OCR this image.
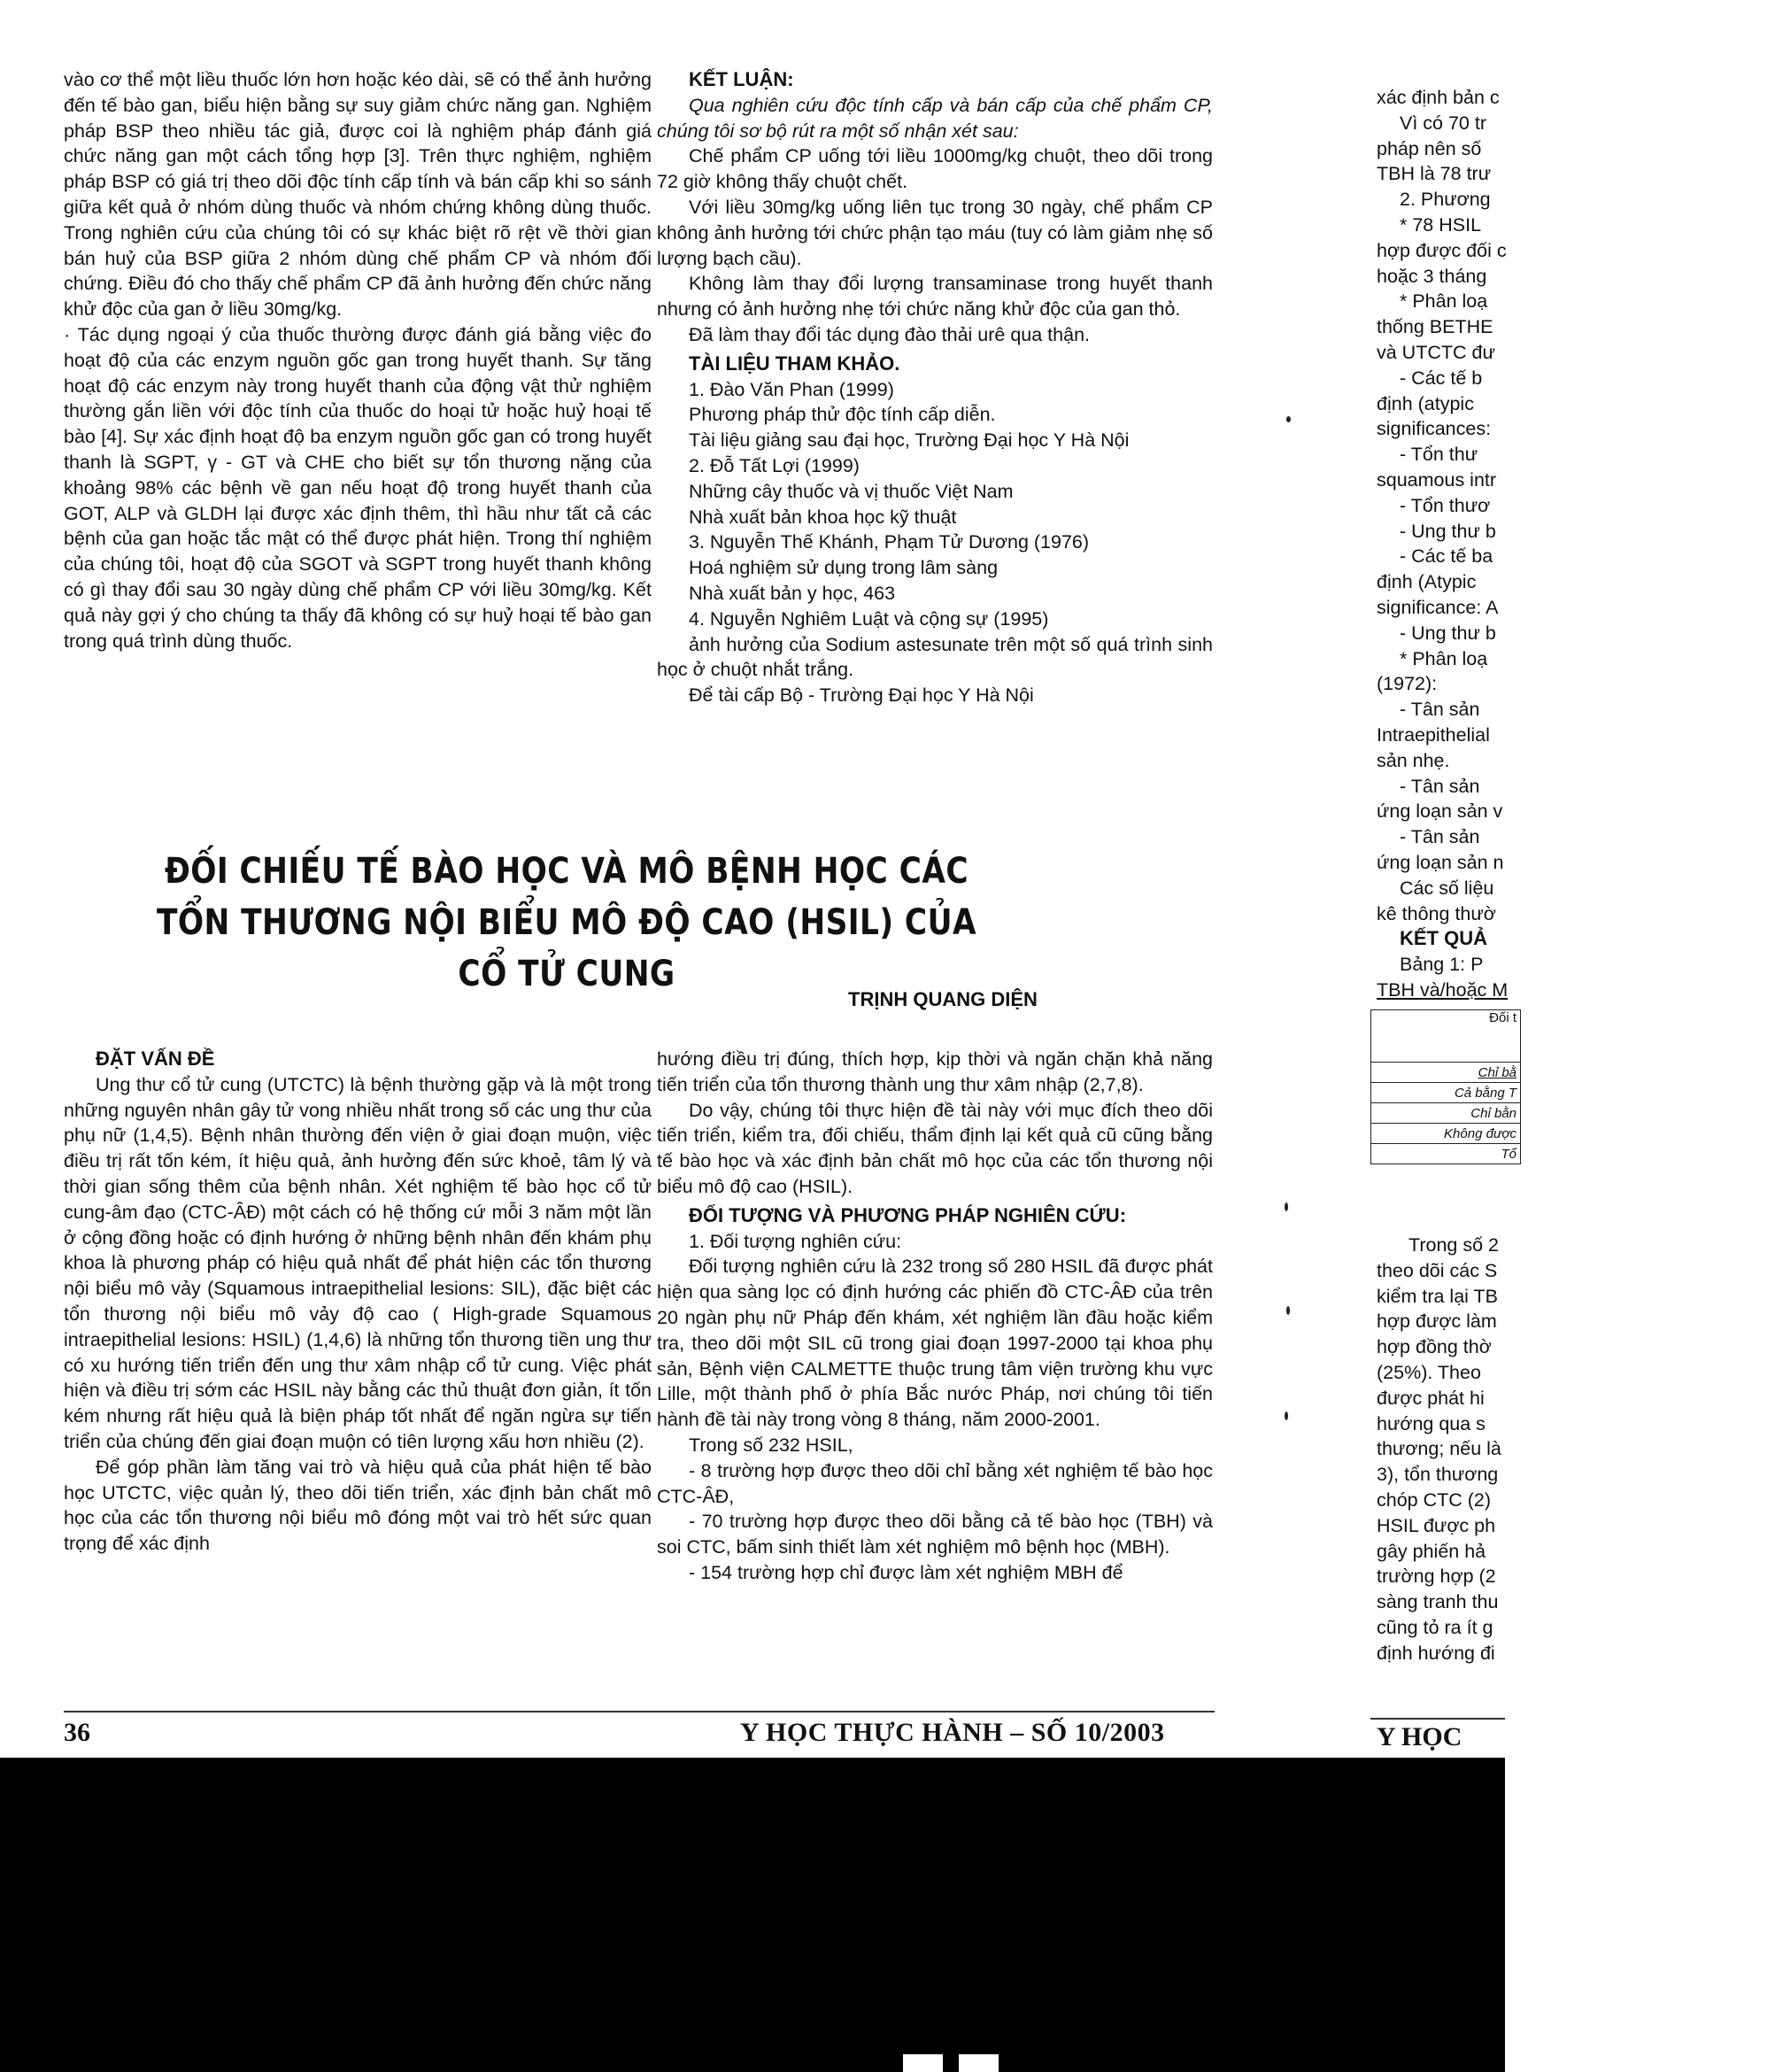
vào cơ thể một liều thuốc lớn hơn hoặc kéo dài, sẽ có thể ảnh hưởng đến tế bào gan, biểu hiện bằng sự suy giảm chức năng gan. Nghiệm pháp BSP theo nhiều tác giả, được coi là nghiệm pháp đánh giá chức năng gan một cách tổng hợp [3]. Trên thực nghiệm, nghiệm pháp BSP có giá trị theo dõi độc tính cấp tính và bán cấp khi so sánh giữa kết quả ở nhóm dùng thuốc và nhóm chứng không dùng thuốc. Trong nghiên cứu của chúng tôi có sự khác biệt rõ rệt về thời gian bán huỷ của BSP giữa 2 nhóm dùng chế phẩm CP và nhóm đối chứng. Điều đó cho thấy chế phẩm CP đã ảnh hưởng đến chức năng khử độc của gan ở liều 30mg/kg.

· Tác dụng ngoại ý của thuốc thường được đánh giá bằng việc đo hoạt độ của các enzym nguồn gốc gan trong huyết thanh. Sự tăng hoạt độ các enzym này trong huyết thanh của động vật thử nghiệm thường gắn liền với độc tính của thuốc do hoại tử hoặc huỷ hoại tế bào [4]. Sự xác định hoạt độ ba enzym nguồn gốc gan có trong huyết thanh là SGPT, γ - GT và CHE cho biết sự tổn thương nặng của khoảng 98% các bệnh về gan nếu hoạt độ trong huyết thanh của GOT, ALP và GLDH lại được xác định thêm, thì hầu như tất cả các bệnh của gan hoặc tắc mật có thể được phát hiện. Trong thí nghiệm của chúng tôi, hoạt độ của SGOT và SGPT trong huyết thanh không có gì thay đổi sau 30 ngày dùng chế phẩm CP với liều 30mg/kg. Kết quả này gợi ý cho chúng ta thấy đã không có sự huỷ hoại tế bào gan trong quá trình dùng thuốc.

KẾT LUẬN:

Qua nghiên cứu độc tính cấp và bán cấp của chế phẩm CP, chúng tôi sơ bộ rút ra một số nhận xét sau:

Chế phẩm CP uống tới liều 1000mg/kg chuột, theo dõi trong 72 giờ không thấy chuột chết.

Với liều 30mg/kg uống liên tục trong 30 ngày, chế phẩm CP không ảnh hưởng tới chức phận tạo máu (tuy có làm giảm nhẹ số lượng bạch cầu).

Không làm thay đổi lượng transaminase trong huyết thanh nhưng có ảnh hưởng nhẹ tới chức năng khử độc của gan thỏ.

Đã làm thay đổi tác dụng đào thải urê qua thận.

TÀI LIỆU THAM KHẢO.

1. Đào Văn Phan (1999)

Phương pháp thử độc tính cấp diễn.

Tài liệu giảng sau đại học, Trường Đại học Y Hà Nội

2. Đỗ Tất Lợi (1999)

Những cây thuốc và vị thuốc Việt Nam

Nhà xuất bản khoa học kỹ thuật

3. Nguyễn Thế Khánh, Phạm Tử Dương (1976)

Hoá nghiệm sử dụng trong lâm sàng

Nhà xuất bản y học, 463

4. Nguyễn Nghiêm Luật và cộng sự (1995)

ảnh hưởng của Sodium astesunate trên một số quá trình sinh học ở chuột nhắt trắng.

Để tài cấp Bộ - Trường Đại học Y Hà Nội

ĐỐI CHIẾU TẾ BÀO HỌC VÀ MÔ BỆNH HỌC CÁC
TỔN THƯƠNG NỘI BIỂU MÔ ĐỘ CAO (HSIL) CỦA CỔ TỬ CUNG
TRỊNH QUANG DIỆN

ĐẶT VẤN ĐỀ

Ung thư cổ tử cung (UTCTC) là bệnh thường gặp và là một trong những nguyên nhân gây tử vong nhiều nhất trong số các ung thư của phụ nữ (1,4,5). Bệnh nhân thường đến viện ở giai đoạn muộn, việc điều trị rất tốn kém, ít hiệu quả, ảnh hưởng đến sức khoẻ, tâm lý và thời gian sống thêm của bệnh nhân. Xét nghiệm tế bào học cổ tử cung-âm đạo (CTC-ÂĐ) một cách có hệ thống cứ mỗi 3 năm một lần ở cộng đồng hoặc có định hướng ở những bệnh nhân đến khám phụ khoa là phương pháp có hiệu quả nhất để phát hiện các tổn thương nội biểu mô vảy (Squamous intraepithelial lesions: SIL), đặc biệt các tổn thương nội biểu mô vảy độ cao ( High-grade Squamous intraepithelial lesions: HSIL) (1,4,6) là những tổn thương tiền ung thư có xu hướng tiến triển đến ung thư xâm nhập cổ tử cung. Việc phát hiện và điều trị sớm các HSIL này bằng các thủ thuật đơn giản, ít tốn kém nhưng rất hiệu quả là biện pháp tốt nhất để ngăn ngừa sự tiến triển của chúng đến giai đoạn muộn có tiên lượng xấu hơn nhiều (2).

Để góp phần làm tăng vai trò và hiệu quả của phát hiện tế bào học UTCTC, việc quản lý, theo dõi tiến triển, xác định bản chất mô học của các tổn thương nội biểu mô đóng một vai trò hết sức quan trọng để xác định

hướng điều trị đúng, thích hợp, kịp thời và ngăn chặn khả năng tiến triển của tổn thương thành ung thư xâm nhập (2,7,8).

Do vậy, chúng tôi thực hiện đề tài này với mục đích theo dõi tiến triển, kiểm tra, đối chiếu, thẩm định lại kết quả cũ cũng bằng tế bào học và xác định bản chất mô học của các tổn thương nội biểu mô độ cao (HSIL).

ĐỐI TƯỢNG VÀ PHƯƠNG PHÁP NGHIÊN CỨU:

1. Đối tượng nghiên cứu:

Đối tượng nghiên cứu là 232 trong số 280 HSIL đã được phát hiện qua sàng lọc có định hướng các phiến đồ CTC-ÂĐ của trên 20 ngàn phụ nữ Pháp đến khám, xét nghiệm lần đầu hoặc kiểm tra, theo dõi một SIL cũ trong giai đoạn 1997-2000 tại khoa phụ sản, Bệnh viện CALMETTE thuộc trung tâm viện trường khu vực Lille, một thành phố ở phía Bắc nước Pháp, nơi chúng tôi tiến hành đề tài này trong vòng 8 tháng, năm 2000-2001.

Trong số 232 HSIL,

- 8 trường hợp được theo dõi chỉ bằng xét nghiệm tế bào học CTC-ÂĐ,

- 70 trường hợp được theo dõi bằng cả tế bào học (TBH) và soi CTC, bấm sinh thiết làm xét nghiệm mô bệnh học (MBH).

- 154 trường hợp chỉ được làm xét nghiệm MBH để

36	Y HỌC THỰC HÀNH – SỐ 10/2003	Y HỌC

xác định bản c

Vì có 70 tr

pháp nên số

TBH là 78 trư

2. Phương

* 78 HSIL

hợp được đối c

hoặc 3 tháng

* Phân loạ

thống BETHE

và UTCTC đư

- Các tế b

định (atypic

significances:

- Tổn thư

squamous intr

- Tổn thươ

- Ung thư b

- Các tế ba

định (Atypic

significance: A

- Ung thư b

* Phân loạ

(1972):

- Tân sản

Intraepithelial

sản nhẹ.

- Tân sản

ứng loạn sản v

- Tân sản

ứng loạn sản n

Các số liệu

kê thông thườ

KẾT QUẢ

Bảng 1: P

TBH và/hoặc M

Trong số 2

theo dõi các S

kiểm tra lại TB

hợp được làm

hợp đồng thờ

(25%). Theo

được phát hi

hướng qua s

thương; nếu là

3), tổn thương

chóp CTC (2)

HSIL được ph

gây phiến hả

trường hợp (2

sàng tranh thu

cũng tỏ ra ít g

định hướng đi

Đối t
Chỉ bằ
Cả bằng T
Chỉ bằn
Không được
Tổ
